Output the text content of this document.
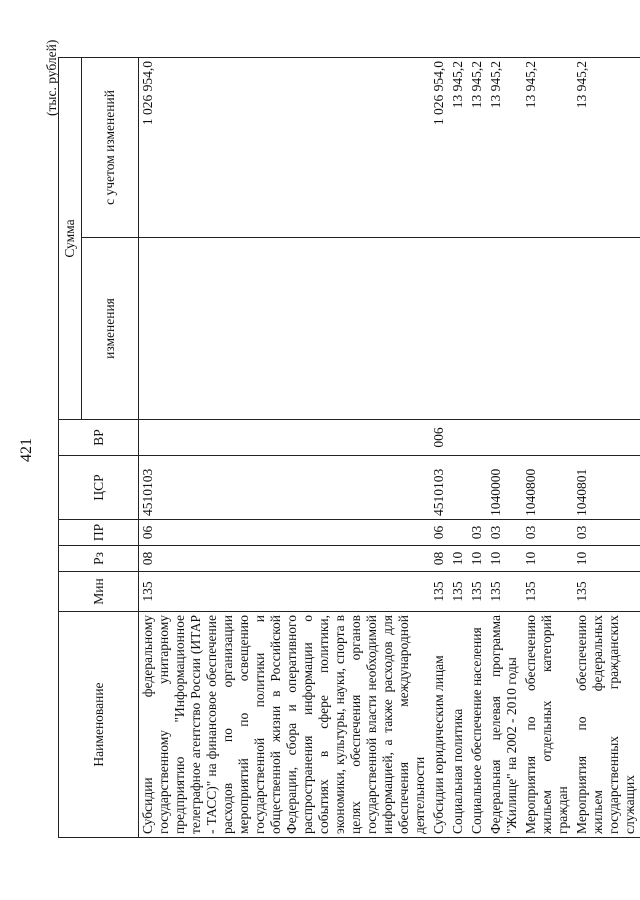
421
(тыс. рублей)
Наименование	Мин	Рз	ПР	ЦСР	ВР	Сумма	
						изменения	с учетом изменений
Субсидии федеральному государственному унитарному предприятию "Информационное телеграфное агентство России (ИТАР - ТАСС)" на финансовое обеспечение расходов по организации мероприятий по освещению государственной политики и общественной жизни в Российской Федерации, сбора и оперативного распространения информации о событиях в сфере политики, экономики, культуры, науки, спорта в целях обеспечения органов государственной власти необходимой информацией, а также расходов для обеспечения международной деятельности	135	08	06	4510103			1 026 954,0
Субсидии юридическим лицам	135	08	06	4510103	006		1 026 954,0
Социальная политика	135	10					13 945,2
Социальное обеспечение населения	135	10	03				13 945,2
Федеральная целевая программа "Жилище" на 2002 - 2010 годы	135	10	03	1040000			13 945,2
Мероприятия по обеспечению жильем отдельных категорий граждан	135	10	03	1040800			13 945,2
Мероприятия по обеспечению жильем федеральных государственных гражданских служащих	135	10	03	1040801			13 945,2
